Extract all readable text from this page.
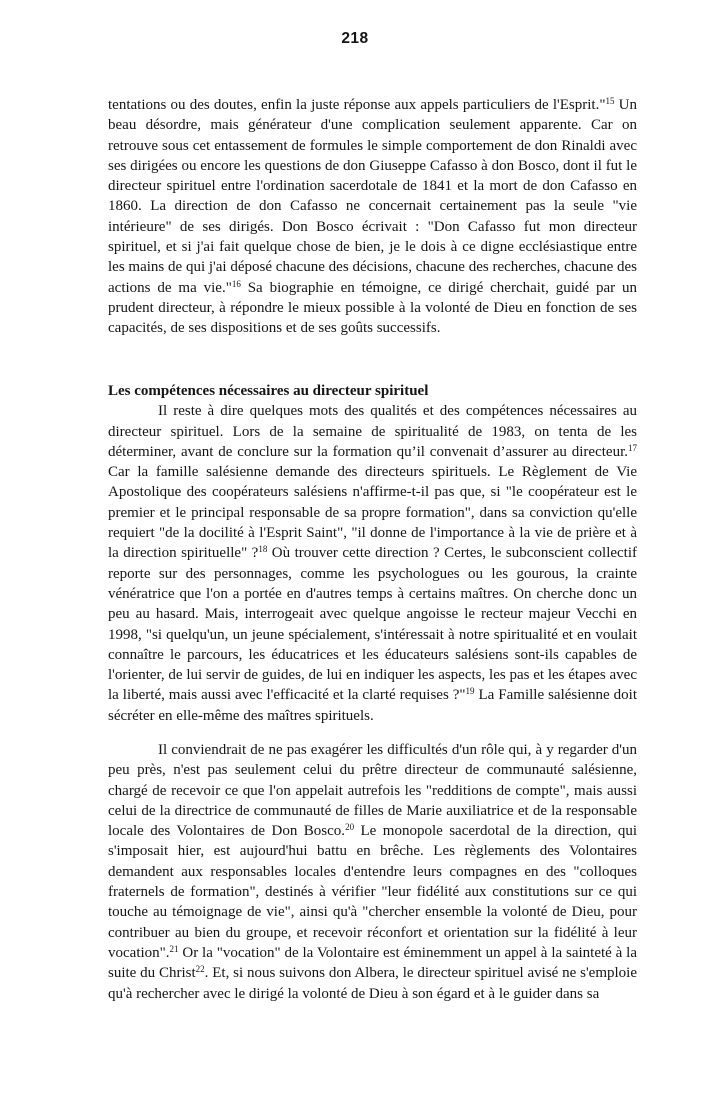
218

tentations ou des doutes, enfin la juste réponse aux appels particuliers de l'Esprit."$^{15}$ Un beau désordre, mais générateur d'une complication seulement apparente. Car on retrouve sous cet entassement de formules le simple comportement de don Rinaldi avec ses dirigées ou encore les questions de don Giuseppe Cafasso à don Bosco, dont il fut le directeur spirituel entre l'ordination sacerdotale de 1841 et la mort de don Cafasso en 1860. La direction de don Cafasso ne concernait certainement pas la seule "vie intérieure" de ses dirigés. Don Bosco écrivait : "Don Cafasso fut mon directeur spirituel, et si j'ai fait quelque chose de bien, je le dois à ce digne ecclésiastique entre les mains de qui j'ai déposé chacune des décisions, chacune des recherches, chacune des actions de ma vie."$^{16}$ Sa biographie en témoigne, ce dirigé cherchait, guidé par un prudent directeur, à répondre le mieux possible à la volonté de Dieu en fonction de ses capacités, de ses dispositions et de ses goûts successifs.

Les compétences nécessaires au directeur spirituel

Il reste à dire quelques mots des qualités et des compétences nécessaires au directeur spirituel. Lors de la semaine de spiritualité de 1983, on tenta de les déterminer, avant de conclure sur la formation qu’il convenait d’assurer au directeur.$^{17}$ Car la famille salésienne demande des directeurs spirituels. Le Règlement de Vie Apostolique des coopérateurs salésiens n'affirme-t-il pas que, si "le coopérateur est le premier et le principal responsable de sa propre formation", dans sa conviction qu'elle requiert "de la docilité à l'Esprit Saint", "il donne de l'importance à la vie de prière et à la direction spirituelle" ?$^{18}$ Où trouver cette direction ? Certes, le subconscient collectif reporte sur des personnages, comme les psychologues ou les gourous, la crainte vénératrice que l'on a portée en d'autres temps à certains maîtres. On cherche donc un peu au hasard. Mais, interrogeait avec quelque angoisse le recteur majeur Vecchi en 1998, "si quelqu'un, un jeune spécialement, s'intéressait à notre spiritualité et en voulait connaître le parcours, les éducatrices et les éducateurs salésiens sont-ils capables de l'orienter, de lui servir de guides, de lui en indiquer les aspects, les pas et les étapes avec la liberté, mais aussi avec l'efficacité et la clarté requises ?"$^{19}$ La Famille salésienne doit sécréter en elle-même des maîtres spirituels.

Il conviendrait de ne pas exagérer les difficultés d'un rôle qui, à y regarder d'un peu près, n'est pas seulement celui du prêtre directeur de communauté salésienne, chargé de recevoir ce que l'on appelait autrefois les "redditions de compte", mais aussi celui de la directrice de communauté de filles de Marie auxiliatrice et de la responsable locale des Volontaires de Don Bosco.$^{20}$ Le monopole sacerdotal de la direction, qui s'imposait hier, est aujourd'hui battu en brêche. Les règlements des Volontaires demandent aux responsables locales d'entendre leurs compagnes en des "colloques fraternels de formation", destinés à vérifier "leur fidélité aux constitutions sur ce qui touche au témoignage de vie", ainsi qu'à "chercher ensemble la volonté de Dieu, pour contribuer au bien du groupe, et recevoir réconfort et orientation sur la fidélité à leur vocation".$^{21}$ Or la "vocation" de la Volontaire est éminemment un appel à la sainteté à la suite du Christ$^{22}$. Et, si nous suivons don Albera, le directeur spirituel avisé ne s'emploie qu'à rechercher avec le dirigé la volonté de Dieu à son égard et à le guider dans sa
